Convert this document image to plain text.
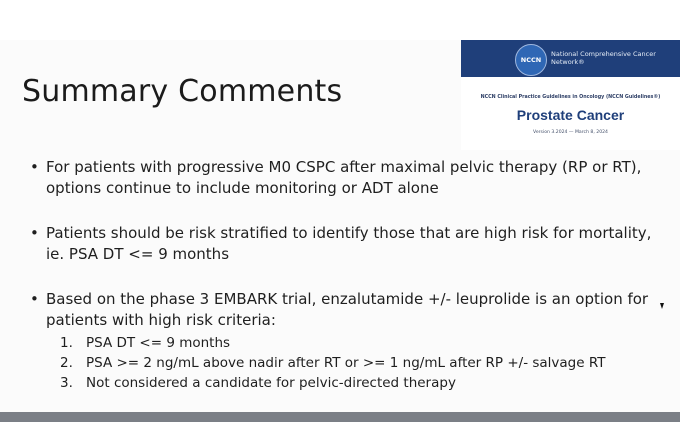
Summary Comments
NCCN
National Comprehensive Cancer Network®
NCCN Clinical Practice Guidelines in Oncology (NCCN Guidelines®)
Prostate Cancer
Version 3.2024 — March 8, 2024
• For patients with progressive M0 CSPC after maximal pelvic therapy (RP or RT), options continue to include monitoring or ADT alone
• Patients should be risk stratified to identify those that are high risk for mortality, ie. PSA DT <= 9 months
• Based on the phase 3 EMBARK trial, enzalutamide +/- leuprolide is an option for patients with high risk criteria:
1. PSA DT <= 9 months
2. PSA >= 2 ng/mL above nadir after RT or >= 1 ng/mL after RP +/- salvage RT
3. Not considered a candidate for pelvic-directed therapy
